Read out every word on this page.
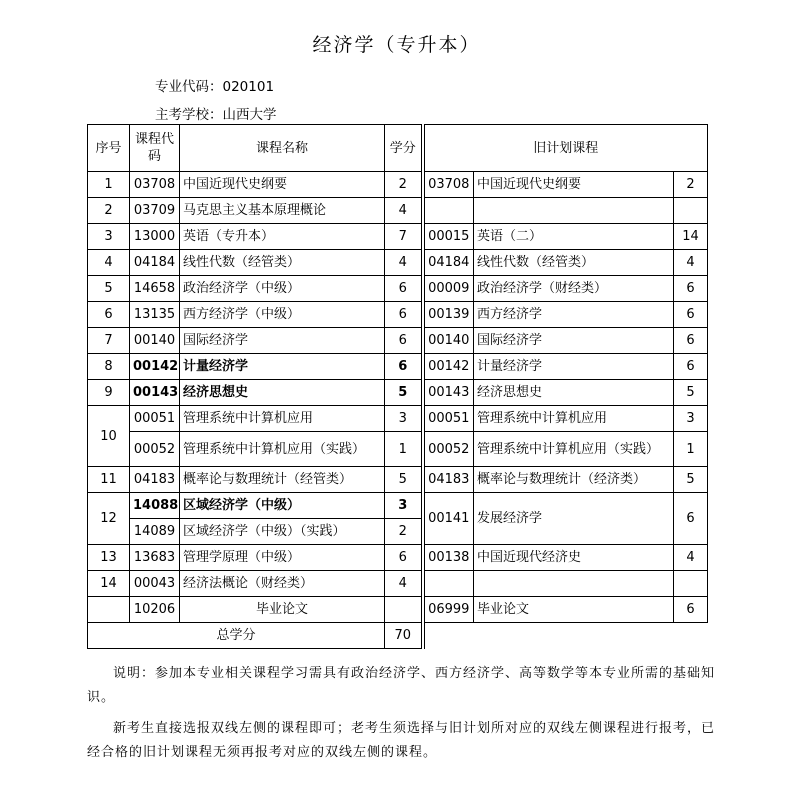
经济学（专升本）
专业代码：020101
主考学校：山西大学
序号	课程代码	课程名称	学分	旧计划课程		
1	03708	中国近现代史纲要	2	03708	中国近现代史纲要	2
2	03709	马克思主义基本原理概论	4			
3	13000	英语（专升本）	7	00015	英语（二）	14
4	04184	线性代数（经管类）	4	04184	线性代数（经管类）	4
5	14658	政治经济学（中级）	6	00009	政治经济学（财经类）	6
6	13135	西方经济学（中级）	6	00139	西方经济学	6
7	00140	国际经济学	6	00140	国际经济学	6
8	00142	计量经济学	6	00142	计量经济学	6
9	00143	经济思想史	5	00143	经济思想史	5
10	00051	管理系统中计算机应用	3	00051	管理系统中计算机应用	3
	00052	管理系统中计算机应用（实践）	1	00052	管理系统中计算机应用（实践）	1
11	04183	概率论与数理统计（经管类）	5	04183	概率论与数理统计（经济类）	5
12	14088	区域经济学（中级）	3	00141	发展经济学	6
	14089	区域经济学（中级）（实践）	2			
13	13683	管理学原理（中级）	6	00138	中国近现代经济史	4
14	00043	经济法概论（财经类）	4			
	10206	毕业论文		06999	毕业论文	6
总学分			70			
说明：参加本专业相关课程学习需具有政治经济学、西方经济学、高等数学等本专业所需的基础知识。
新考生直接选报双线左侧的课程即可；老考生须选择与旧计划所对应的双线左侧课程进行报考，已经合格的旧计划课程无须再报考对应的双线左侧的课程。
